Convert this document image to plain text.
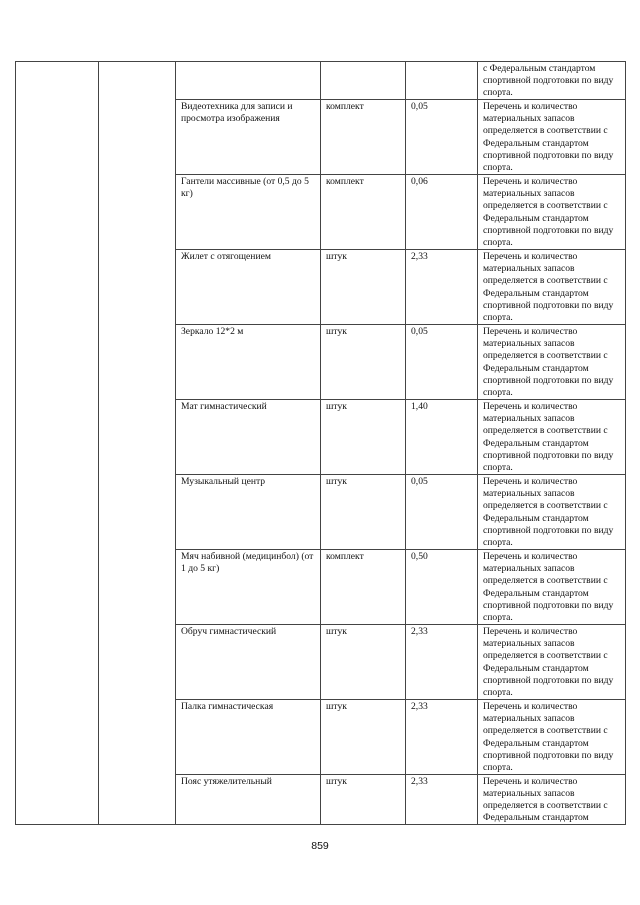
					с Федеральным стандартом спортивной подготовки по виду спорта.
		Видеотехника для записи и просмотра изображения	комплект	0,05	Перечень и количество материальных запасов определяется в соответствии с Федеральным стандартом спортивной подготовки по виду спорта.
		Гантели массивные (от 0,5 до 5 кг)	комплект	0,06	Перечень и количество материальных запасов определяется в соответствии с Федеральным стандартом спортивной подготовки по виду спорта.
		Жилет с отягощением	штук	2,33	Перечень и количество материальных запасов определяется в соответствии с Федеральным стандартом спортивной подготовки по виду спорта.
		Зеркало 12*2 м	штук	0,05	Перечень и количество материальных запасов определяется в соответствии с Федеральным стандартом спортивной подготовки по виду спорта.
		Мат гимнастический	штук	1,40	Перечень и количество материальных запасов определяется в соответствии с Федеральным стандартом спортивной подготовки по виду спорта.
		Музыкальный центр	штук	0,05	Перечень и количество материальных запасов определяется в соответствии с Федеральным стандартом спортивной подготовки по виду спорта.
		Мяч набивной (медицинбол) (от 1 до 5 кг)	комплект	0,50	Перечень и количество материальных запасов определяется в соответствии с Федеральным стандартом спортивной подготовки по виду спорта.
		Обруч гимнастический	штук	2,33	Перечень и количество материальных запасов определяется в соответствии с Федеральным стандартом спортивной подготовки по виду спорта.
		Палка гимнастическая	штук	2,33	Перечень и количество материальных запасов определяется в соответствии с Федеральным стандартом спортивной подготовки по виду спорта.
		Пояс утяжелительный	штук	2,33	Перечень и количество материальных запасов определяется в соответствии с Федеральным стандартом
859
